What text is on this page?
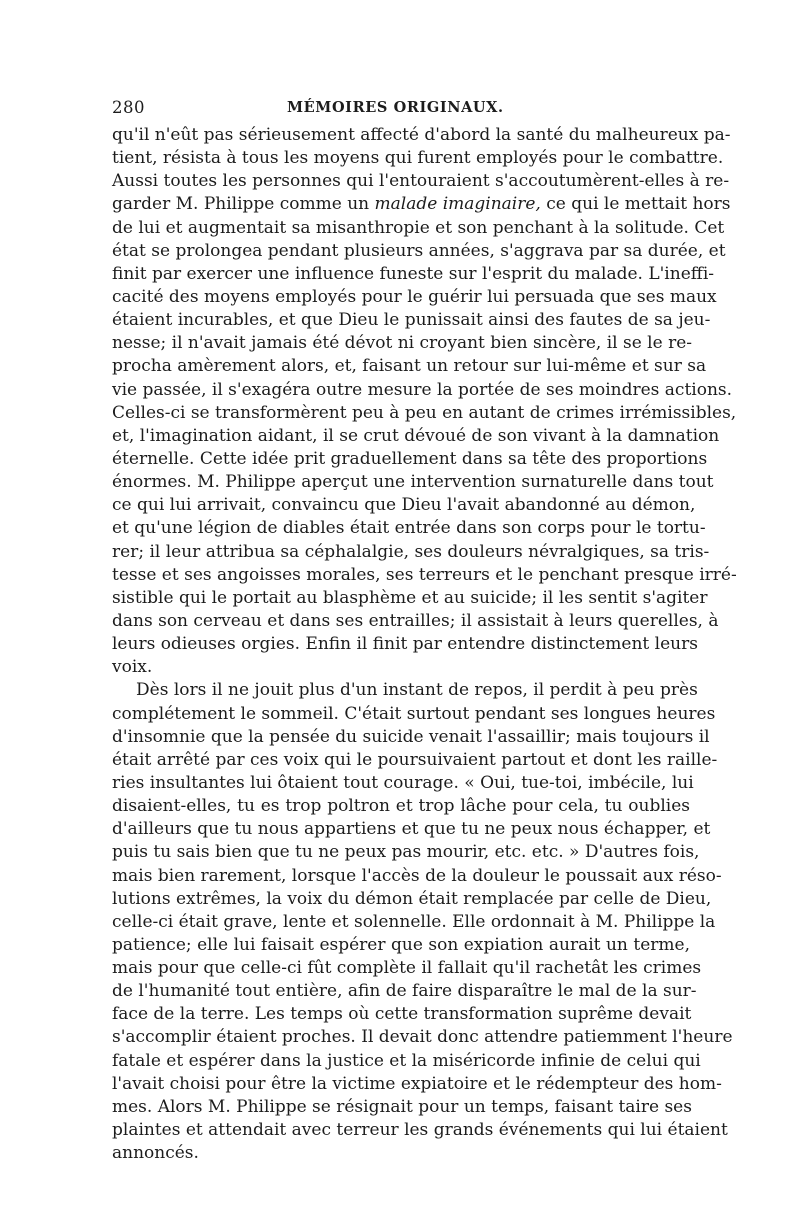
280	MÉMOIRES ORIGINAUX.
qu'il n'eût pas sérieusement affecté d'abord la santé du malheureux pa-
tient, résista à tous les moyens qui furent employés pour le combattre.
Aussi toutes les personnes qui l'entouraient s'accoutumèrent-elles à re-
garder M. Philippe comme un malade imaginaire, ce qui le mettait hors
de lui et augmentait sa misanthropie et son penchant à la solitude. Cet
état se prolongea pendant plusieurs années, s'aggrava par sa durée, et
finit par exercer une influence funeste sur l'esprit du malade. L'ineffi-
cacité des moyens employés pour le guérir lui persuada que ses maux
étaient incurables, et que Dieu le punissait ainsi des fautes de sa jeu-
nesse; il n'avait jamais été dévot ni croyant bien sincère, il se le re-
procha amèrement alors, et, faisant un retour sur lui-même et sur sa
vie passée, il s'exagéra outre mesure la portée de ses moindres actions.
Celles-ci se transformèrent peu à peu en autant de crimes irrémissibles,
et, l'imagination aidant, il se crut dévoué de son vivant à la damnation
éternelle. Cette idée prit graduellement dans sa tête des proportions
énormes. M. Philippe aperçut une intervention surnaturelle dans tout
ce qui lui arrivait, convaincu que Dieu l'avait abandonné au démon,
et qu'une légion de diables était entrée dans son corps pour le tortu-
rer; il leur attribua sa céphalalgie, ses douleurs névralgiques, sa tris-
tesse et ses angoisses morales, ses terreurs et le penchant presque irré-
sistible qui le portait au blasphème et au suicide; il les sentit s'agiter
dans son cerveau et dans ses entrailles; il assistait à leurs querelles, à
leurs odieuses orgies. Enfin il finit par entendre distinctement leurs
voix.
Dès lors il ne jouit plus d'un instant de repos, il perdit à peu près
complétement le sommeil. C'était surtout pendant ses longues heures
d'insomnie que la pensée du suicide venait l'assaillir; mais toujours il
était arrêté par ces voix qui le poursuivaient partout et dont les raille-
ries insultantes lui ôtaient tout courage. « Oui, tue-toi, imbécile, lui
disaient-elles, tu es trop poltron et trop lâche pour cela, tu oublies
d'ailleurs que tu nous appartiens et que tu ne peux nous échapper, et
puis tu sais bien que tu ne peux pas mourir, etc. etc. » D'autres fois,
mais bien rarement, lorsque l'accès de la douleur le poussait aux réso-
lutions extrêmes, la voix du démon était remplacée par celle de Dieu,
celle-ci était grave, lente et solennelle. Elle ordonnait à M. Philippe la
patience; elle lui faisait espérer que son expiation aurait un terme,
mais pour que celle-ci fût complète il fallait qu'il rachetât les crimes
de l'humanité tout entière, afin de faire disparaître le mal de la sur-
face de la terre. Les temps où cette transformation suprême devait
s'accomplir étaient proches. Il devait donc attendre patiemment l'heure
fatale et espérer dans la justice et la miséricorde infinie de celui qui
l'avait choisi pour être la victime expiatoire et le rédempteur des hom-
mes. Alors M. Philippe se résignait pour un temps, faisant taire ses
plaintes et attendait avec terreur les grands événements qui lui étaient
annoncés.
